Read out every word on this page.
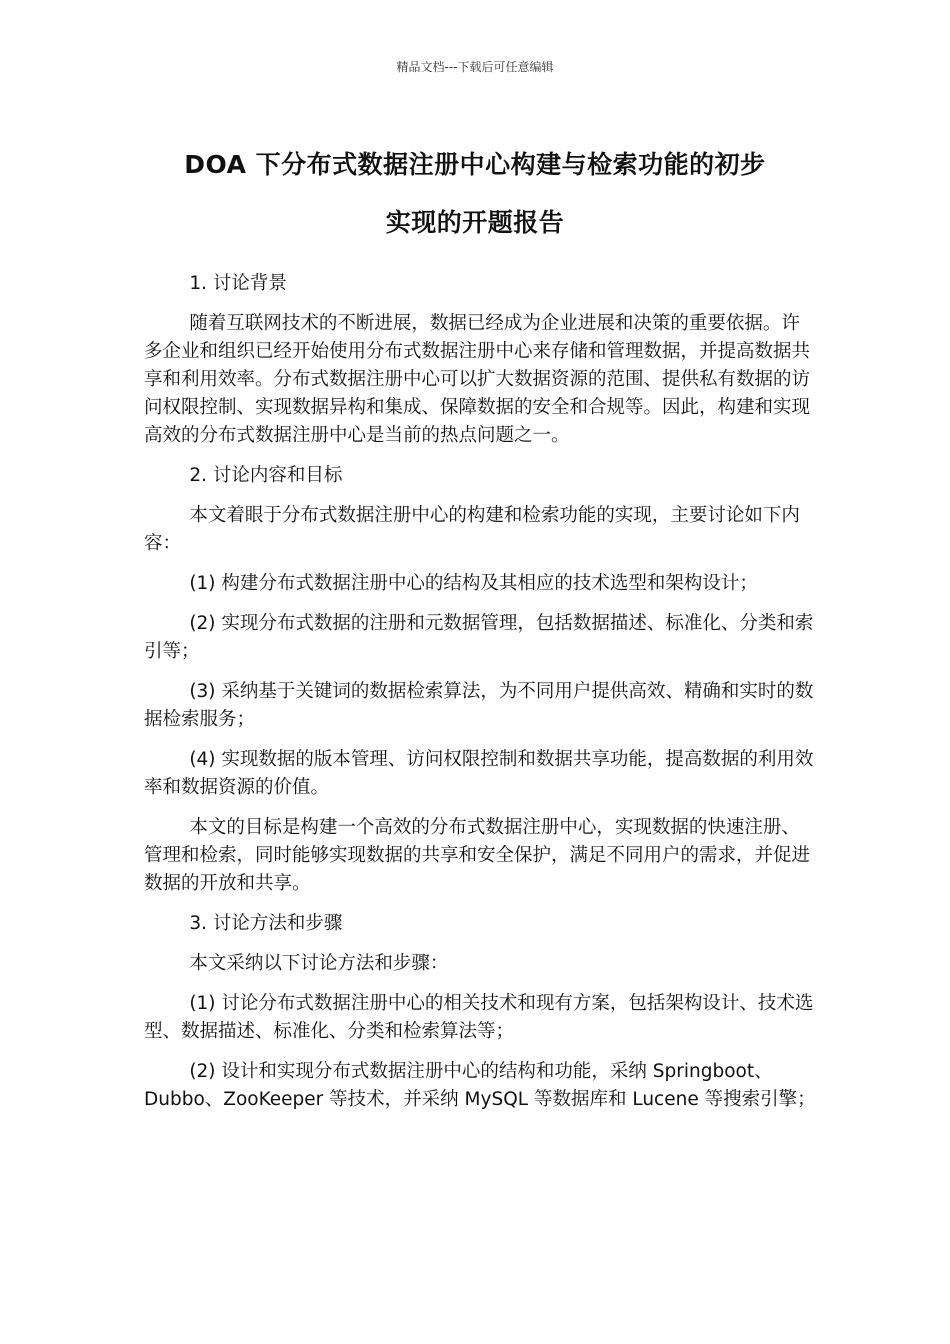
精品文档---下载后可任意编辑
DOA 下分布式数据注册中心构建与检索功能的初步
实现的开题报告

1. 讨论背景

随着互联网技术的不断进展，数据已经成为企业进展和决策的重要依据。许多企业和组织已经开始使用分布式数据注册中心来存储和管理数据，并提高数据共享和利用效率。分布式数据注册中心可以扩大数据资源的范围、提供私有数据的访问权限控制、实现数据异构和集成、保障数据的安全和合规等。因此，构建和实现高效的分布式数据注册中心是当前的热点问题之一。

2. 讨论内容和目标

本文着眼于分布式数据注册中心的构建和检索功能的实现，主要讨论如下内容：

(1) 构建分布式数据注册中心的结构及其相应的技术选型和架构设计；

(2) 实现分布式数据的注册和元数据管理，包括数据描述、标准化、分类和索引等；

(3) 采纳基于关键词的数据检索算法，为不同用户提供高效、精确和实时的数据检索服务；

(4) 实现数据的版本管理、访问权限控制和数据共享功能，提高数据的利用效率和数据资源的价值。

本文的目标是构建一个高效的分布式数据注册中心，实现数据的快速注册、管理和检索，同时能够实现数据的共享和安全保护，满足不同用户的需求，并促进数据的开放和共享。

3. 讨论方法和步骤

本文采纳以下讨论方法和步骤：

(1) 讨论分布式数据注册中心的相关技术和现有方案，包括架构设计、技术选型、数据描述、标准化、分类和检索算法等；

(2) 设计和实现分布式数据注册中心的结构和功能，采纳 Springboot、Dubbo、ZooKeeper 等技术，并采纳 MySQL 等数据库和 Lucene 等搜索引擎；
